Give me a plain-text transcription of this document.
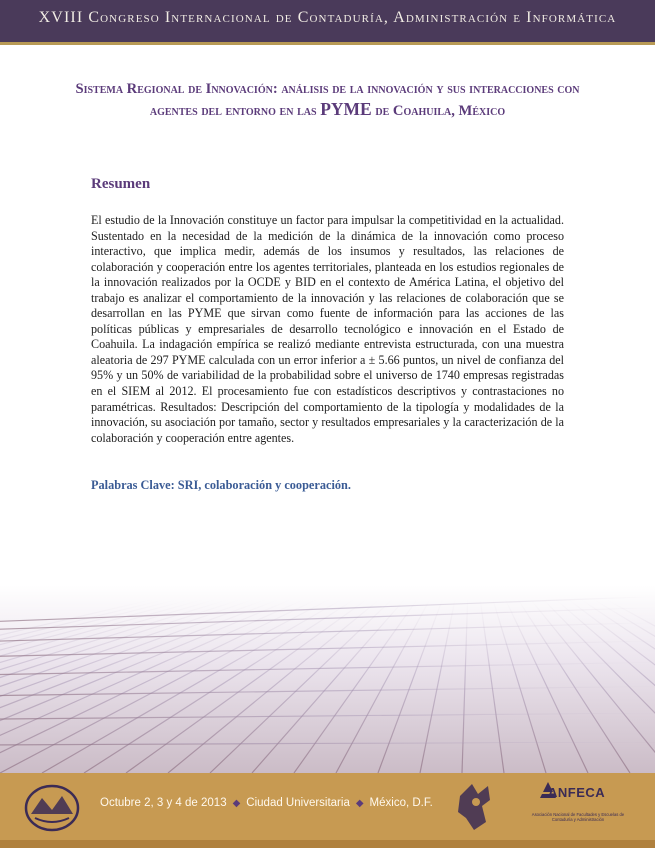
XVIII Congreso Internacional de Contaduría, Administración e Informática
Sistema Regional de Innovación: análisis de la innovación y sus interacciones con agentes del entorno en las PYME de Coahuila, México
Resumen
El estudio de la Innovación constituye un factor para impulsar la competitividad en la actualidad. Sustentado en la necesidad de la medición de la dinámica de la innovación como proceso interactivo, que implica medir, además de los insumos y resultados, las relaciones de colaboración y cooperación entre los agentes territoriales, planteada en los estudios regionales de la innovación realizados por la OCDE y BID en el contexto de América Latina, el objetivo del trabajo es analizar el comportamiento de la innovación y las relaciones de colaboración que se desarrollan en las PYME que sirvan como fuente de información para las acciones de las políticas públicas y empresariales de desarrollo tecnológico e innovación en el Estado de Coahuila. La indagación empírica se realizó mediante entrevista estructurada, con una muestra aleatoria de 297 PYME calculada con un error inferior a ± 5.66 puntos, un nivel de confianza del 95% y un 50% de variabilidad de la probabilidad sobre el universo de 1740 empresas registradas en el SIEM al 2012. El procesamiento fue con estadísticos descriptivos y contrastaciones no paramétricas. Resultados: Descripción del comportamiento de la tipología y modalidades de la innovación, su asociación por tamaño, sector y resultados empresariales y la caracterización de la colaboración y cooperación entre agentes.
Palabras Clave: SRI, colaboración y cooperación.
Octubre 2, 3 y 4 de 2013 ◆ Ciudad Universitaria ◆ México, D.F.
ANFECA
Asociación Nacional de Facultades y Escuelas de Contaduría y Administración
